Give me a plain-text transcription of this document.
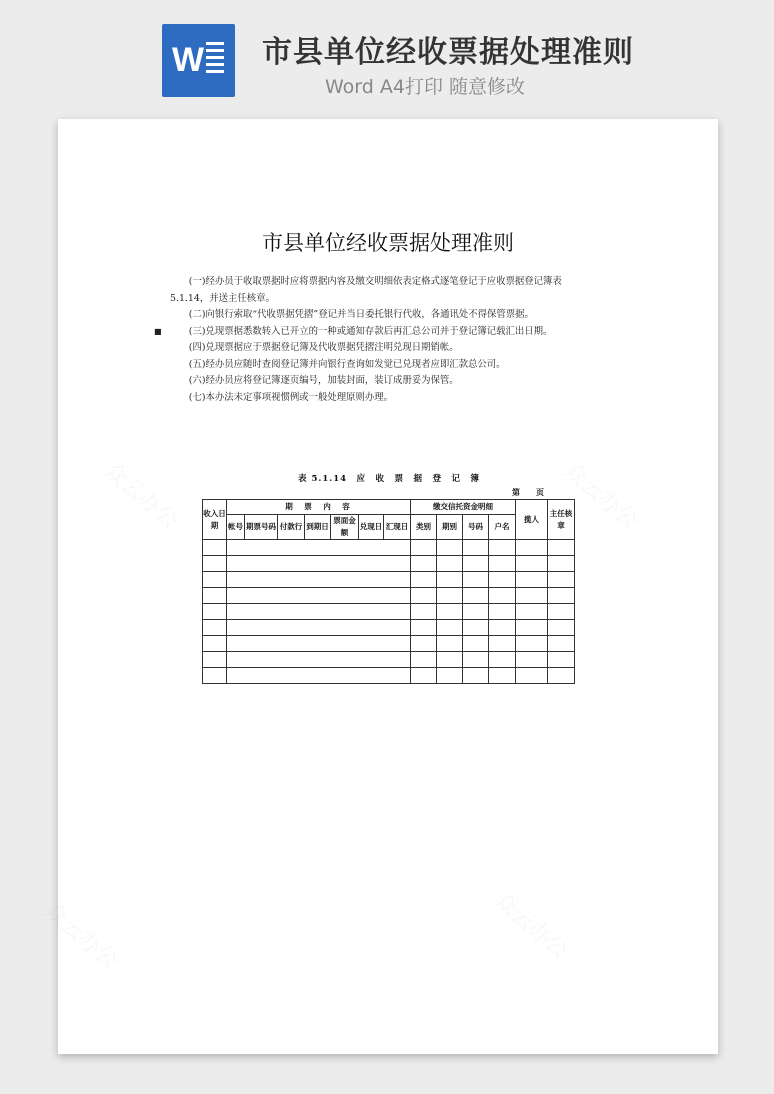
W 市县单位经收票据处理准则
Word A4打印 随意修改
市县单位经收票据处理准则

(一)经办员于收取票据时应将票据内容及缴交明细依表定格式逐笔登记于应收票据登记簿表 5.1.14，并送主任核章。

(二)向银行索取“代收票据凭摺”登记并当日委托银行代收，各通讯处不得保管票据。

■	(三)兑现票据悉数转入已开立的一种或通知存款后再汇总公司并于登记簿记载汇出日期。

(四)兑现票据应于票据登记簿及代收票据凭摺注明兑现日期销帐。

(五)经办员应随时查阅登记簿并向银行查询如发觉已兑现者应即汇款总公司。

(六)经办员应将登记簿逐页编号，加装封面，装订成册妥为保管。

(七)本办法未定事项视惯例或一般处理原则办理。

表 5.1.14　应　收　票　据　登　记　簿
第 页
收入日期	期　票　内　容							缴交信托资金明细				揽人	主任核章
	帐号	期票号码	付款行	到期日	票面金额	兑现日	汇现日	类别	期别	号码	户名		
